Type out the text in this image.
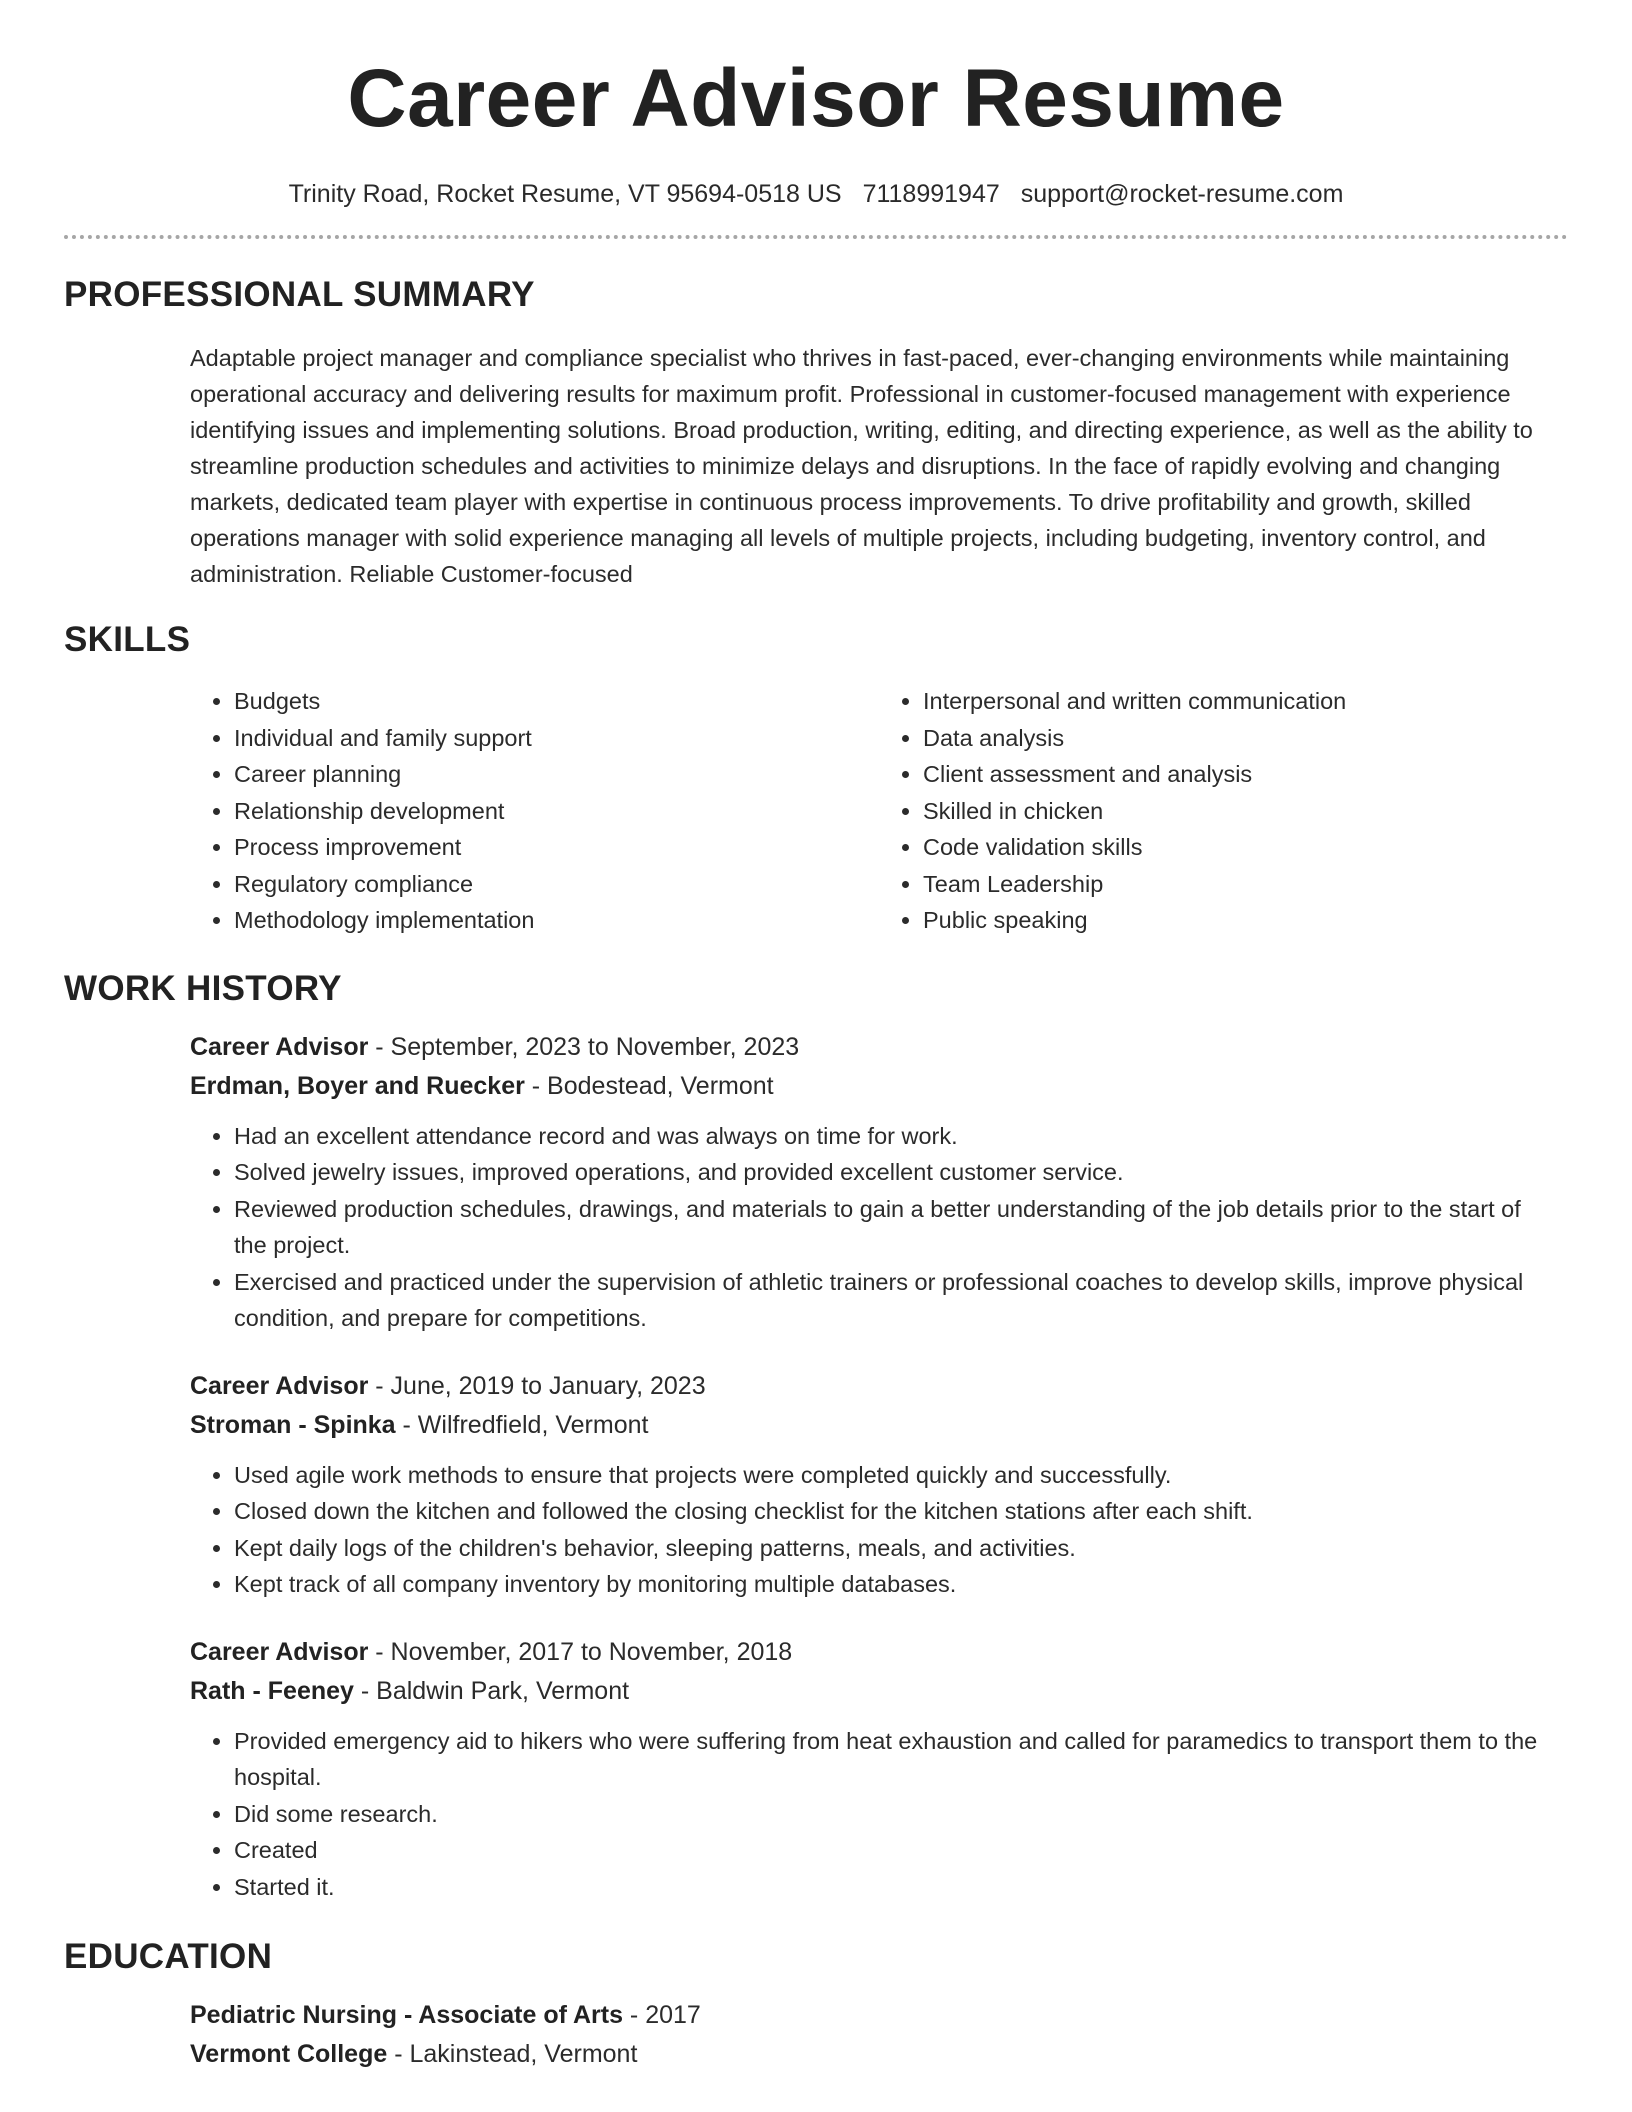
Career Advisor Resume
Trinity Road, Rocket Resume, VT 95694-0518 US 7118991947 support@rocket-resume.com
PROFESSIONAL SUMMARY
Adaptable project manager and compliance specialist who thrives in fast-paced, ever-changing environments while maintaining operational accuracy and delivering results for maximum profit. Professional in customer-focused management with experience identifying issues and implementing solutions. Broad production, writing, editing, and directing experience, as well as the ability to streamline production schedules and activities to minimize delays and disruptions. In the face of rapidly evolving and changing markets, dedicated team player with expertise in continuous process improvements. To drive profitability and growth, skilled operations manager with solid experience managing all levels of multiple projects, including budgeting, inventory control, and administration. Reliable Customer-focused
SKILLS
• Budgets
• Individual and family support
• Career planning
• Relationship development
• Process improvement
• Regulatory compliance
• Methodology implementation
• Interpersonal and written communication
• Data analysis
• Client assessment and analysis
• Skilled in chicken
• Code validation skills
• Team Leadership
• Public speaking
WORK HISTORY
Career Advisor - September, 2023 to November, 2023
Erdman, Boyer and Ruecker - Bodestead, Vermont
• Had an excellent attendance record and was always on time for work.
• Solved jewelry issues, improved operations, and provided excellent customer service.
• Reviewed production schedules, drawings, and materials to gain a better understanding of the job details prior to the start of the project.
• Exercised and practiced under the supervision of athletic trainers or professional coaches to develop skills, improve physical condition, and prepare for competitions.
Career Advisor - June, 2019 to January, 2023
Stroman - Spinka - Wilfredfield, Vermont
• Used agile work methods to ensure that projects were completed quickly and successfully.
• Closed down the kitchen and followed the closing checklist for the kitchen stations after each shift.
• Kept daily logs of the children's behavior, sleeping patterns, meals, and activities.
• Kept track of all company inventory by monitoring multiple databases.
Career Advisor - November, 2017 to November, 2018
Rath - Feeney - Baldwin Park, Vermont
• Provided emergency aid to hikers who were suffering from heat exhaustion and called for paramedics to transport them to the hospital.
• Did some research.
• Created
• Started it.
EDUCATION
Pediatric Nursing - Associate of Arts - 2017
Vermont College - Lakinstead, Vermont
